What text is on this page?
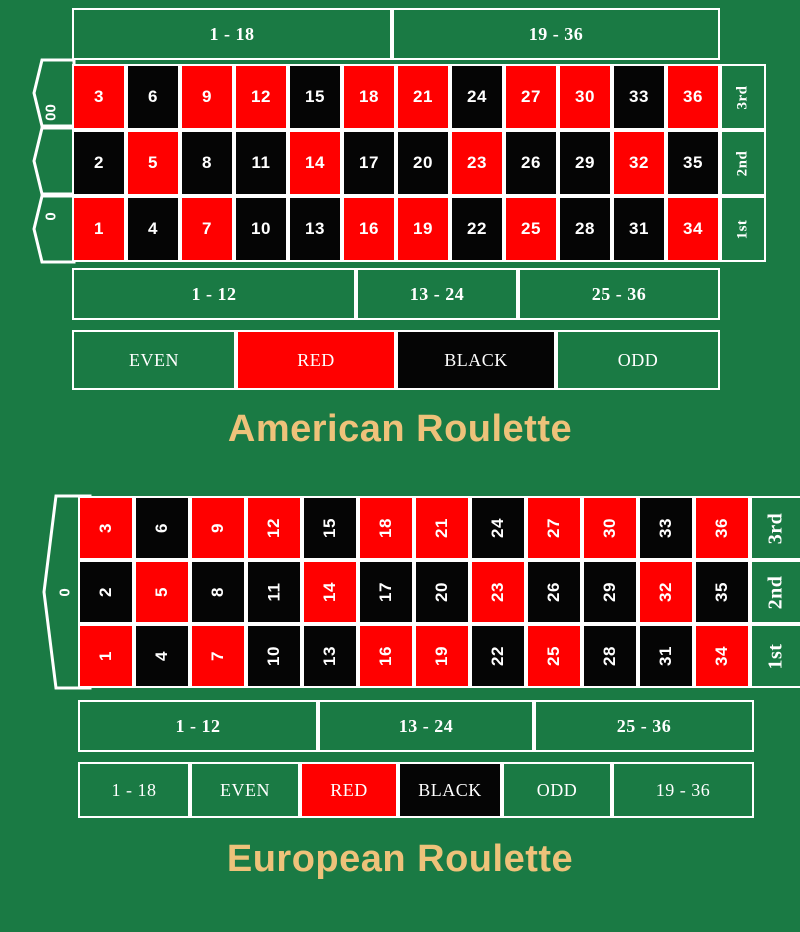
1 - 18	19 - 36
00
0
3	6	9 12 15 18 21 24 27 30 33 36 3rd
2	5	8 11 14 17 20 23 26 29 32 35 2nd
1	4	7 10 13 16 19 22 25 28 31 34 1st
1 - 12	13 - 24	25 - 36
EVEN	RED	BLACK	ODD
American Roulette
0
3 6 9 12 15 18 21 24 27 30 33 36 3rd
2 5 8 11 14 17 20 23 26 29 32 35 2nd
1 4 7 10 13 16 19 22 25 28 31 34 1st
1 - 12	13 - 24	25 - 36
1 - 18	EVEN	RED	BLACK	ODD	19 - 36
European Roulette
